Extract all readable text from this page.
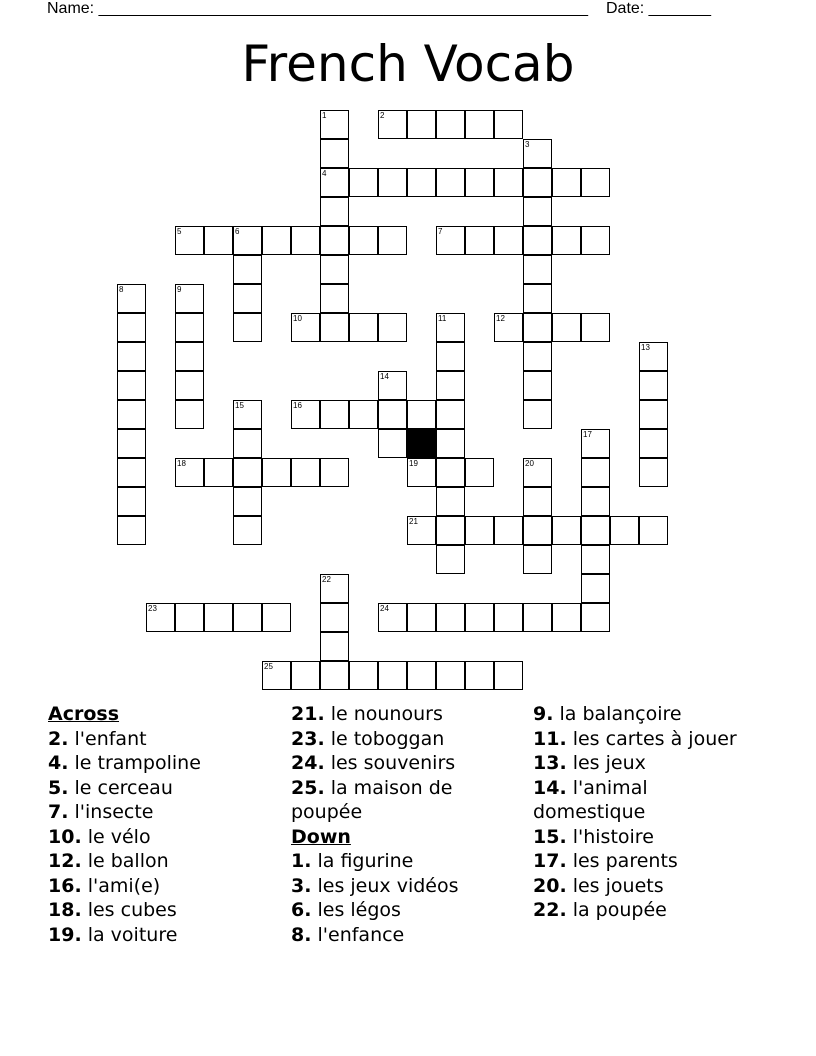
Name: _______________________________________________________ Date: _______
French Vocab
1
4
2
3
5	6	7
8	9
10	11	12
13
14
15	16
17
18	19	20
21
22
23	24
25
Across
2. l'enfant
4. le trampoline
5. le cerceau
7. l'insecte
10. le vélo
12. le ballon
16. l'ami(e)
18. les cubes
19. la voiture
21. le nounours
23. le toboggan
24. les souvenirs
25. la maison de poupée
Down
1. la figurine
3. les jeux vidéos
6. les légos
8. l'enfance
9. la balançoire
11. les cartes à jouer
13. les jeux
14. l'animal domestique
15. l'histoire
17. les parents
20. les jouets
22. la poupée
